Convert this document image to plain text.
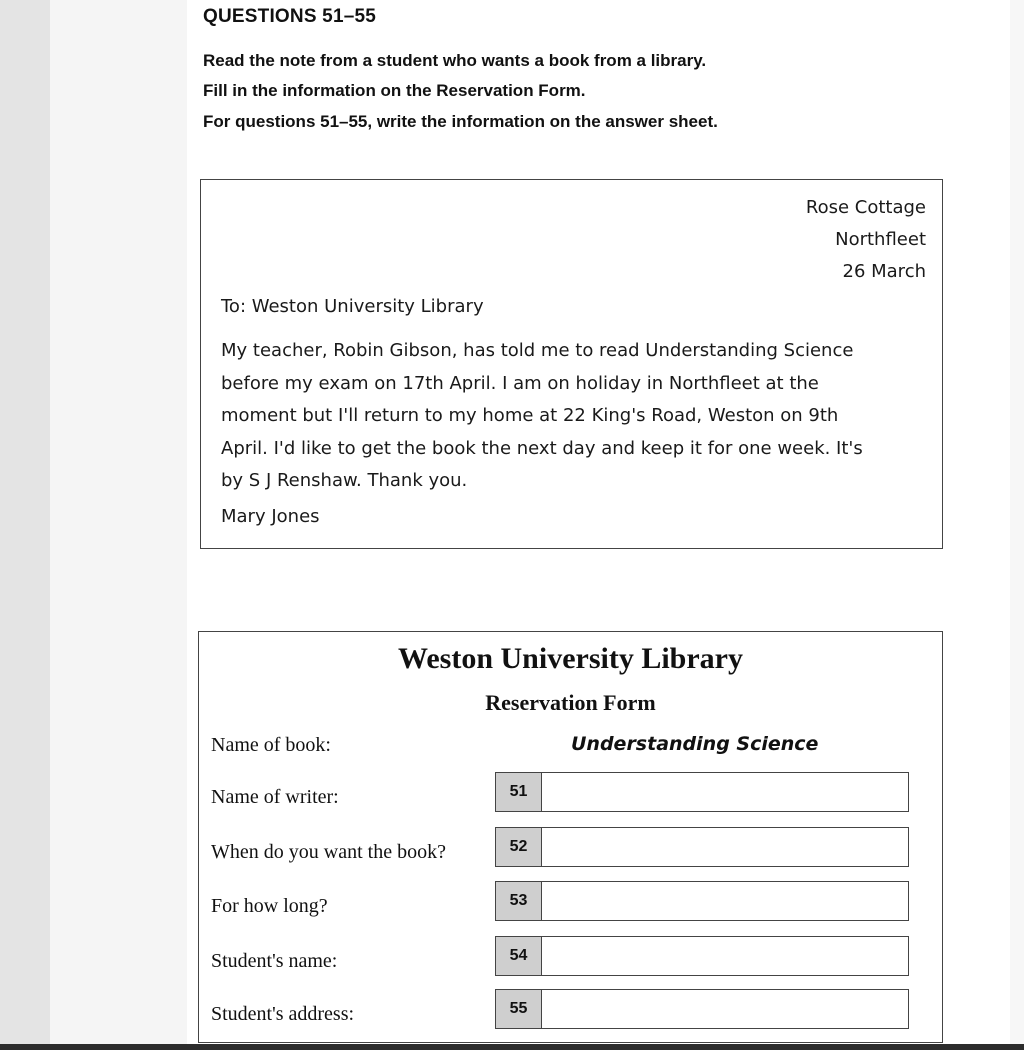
QUESTIONS 51–55
Read the note from a student who wants a book from a library.
Fill in the information on the Reservation Form.
For questions 51–55, write the information on the answer sheet.
Rose Cottage
Northfleet
26 March
To: Weston University Library
My teacher, Robin Gibson, has told me to read Understanding Science
before my exam on 17th April. I am on holiday in Northfleet at the
moment but I'll return to my home at 22 King's Road, Weston on 9th
April. I'd like to get the book the next day and keep it for one week. It's
by S J Renshaw. Thank you.
Mary Jones
Weston University Library
Reservation Form
Name of book:	Understanding Science
Name of writer:	51
When do you want the book?	52
For how long?	53
Student's name:	54
Student's address:	55
